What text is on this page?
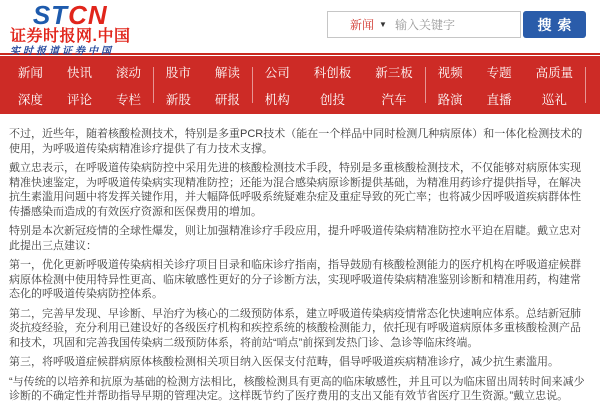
STCN
证券时报网.中国
实时报道证券中国
新闻 ▼
输入关键字	搜索
新闻
深度
快讯
评论
滚动
专栏
股市
新股
解读
研报
公司
机构
科创板
创投
新三板
汽车
视频
路演
专题
直播
高质量
巡礼

不过，近些年，随着核酸检测技术，特别是多重PCR技术（能在一个样品中同时检测几种病原体）和一体化检测技术的使用，为呼吸道传染病精准诊疗提供了有力技术支撑。

戴立忠表示，在呼吸道传染病防控中采用先进的核酸检测技术手段，特别是多重核酸检测技术，不仅能够对病原体实现精准快速鉴定，为呼吸道传染病实现精准防控；还能为混合感染病原诊断提供基础，为精准用药诊疗提供指导，在解决抗生素滥用问题中将发挥关键作用，并大幅降低呼吸系统疑难杂症及重症导致的死亡率；也将减少因呼吸道疾病群体性传播感染而造成的有效医疗资源和医保费用的增加。

特别是本次新冠疫情的全球性爆发，则让加强精准诊疗手段应用，提升呼吸道传染病精准防控水平迫在眉睫。戴立忠对此提出三点建议：

第一，优化更新呼吸道传染病相关诊疗项目目录和临床诊疗指南，指导鼓励有核酸检测能力的医疗机构在呼吸道症候群病原体检测中使用特异性更高、临床敏感性更好的分子诊断方法，实现呼吸道传染病精准鉴别诊断和精准用药，构建常态化的呼吸道传染病防控体系。

第二，完善早发现、早诊断、早治疗为核心的二级预防体系，建立呼吸道传染病疫情常态化快速响应体系。总结新冠肺炎抗疫经验，充分利用已建设好的各级医疗机构和疾控系统的核酸检测能力，依托现有呼吸道病原体多重核酸检测产品和技术，巩固和完善我国传染病二级预防体系，将前站“哨点”前探到发热门诊、急诊等临床终端。

第三，将呼吸道症候群病原体核酸检测相关项目纳入医保支付范畴，倡导呼吸道疾病精准诊疗，减少抗生素滥用。

“与传统的以培养和抗原为基础的检测方法相比，核酸检测具有更高的临床敏感性，并且可以为临床留出周转时间来减少诊断的不确定性并帮助指导早期的管理决定。这样既节约了医疗费用的支出又能有效节省医疗卫生资源。”戴立忠说。
